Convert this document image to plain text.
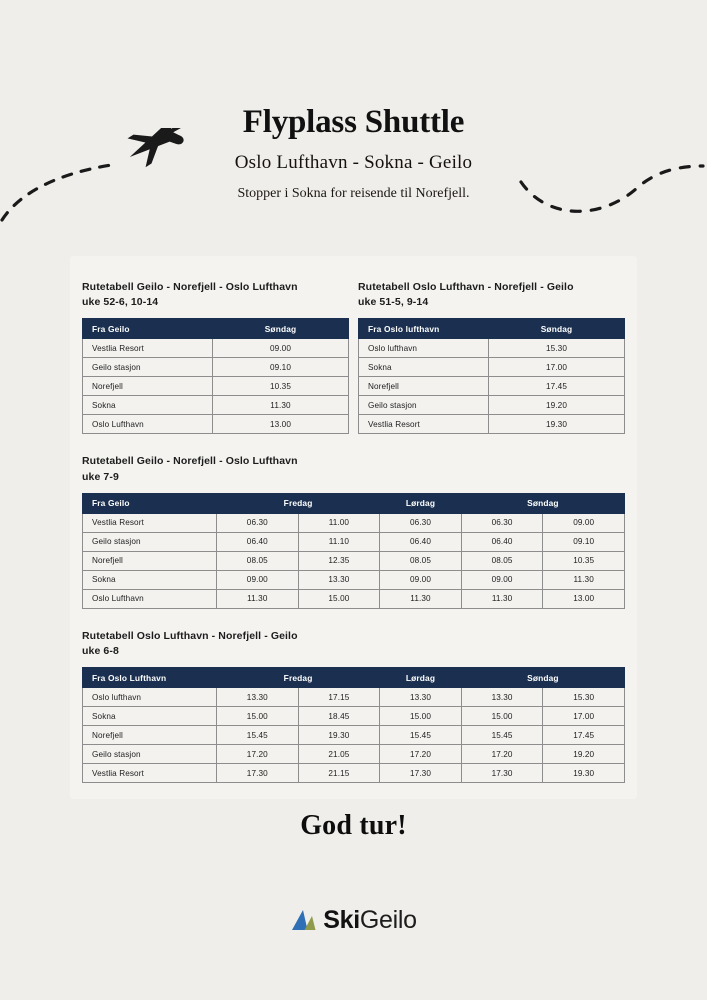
Flyplass Shuttle

Oslo Lufthavn - Sokna - Geilo

Stopper i Sokna for reisende til Norefjell.

Rutetabell Geilo - Norefjell - Oslo Lufthavn
uke 52-6, 10-14
Fra Geilo	Søndag
Vestlia Resort	09.00
Geilo stasjon	09.10
Norefjell	10.35
Sokna	11.30
Oslo Lufthavn	13.00
Rutetabell Oslo Lufthavn - Norefjell - Geilo
uke 51-5, 9-14
Fra Oslo lufthavn	Søndag
Oslo lufthavn	15.30
Sokna	17.00
Norefjell	17.45
Geilo stasjon	19.20
Vestlia Resort	19.30
Rutetabell Geilo - Norefjell - Oslo Lufthavn
uke 7-9
Fra Geilo	Fredag		Lørdag	Søndag	
Vestlia Resort	06.30	11.00	06.30	06.30	09.00
Geilo stasjon	06.40	11.10	06.40	06.40	09.10
Norefjell	08.05	12.35	08.05	08.05	10.35
Sokna	09.00	13.30	09.00	09.00	11.30
Oslo Lufthavn	11.30	15.00	11.30	11.30	13.00
Rutetabell Oslo Lufthavn - Norefjell - Geilo
uke 6-8
Fra Oslo Lufthavn	Fredag		Lørdag	Søndag	
Oslo lufthavn	13.30	17.15	13.30	13.30	15.30
Sokna	15.00	18.45	15.00	15.00	17.00
Norefjell	15.45	19.30	15.45	15.45	17.45
Geilo stasjon	17.20	21.05	17.20	17.20	19.20
Vestlia Resort	17.30	21.15	17.30	17.30	19.30

God tur!

SkiGeilo
